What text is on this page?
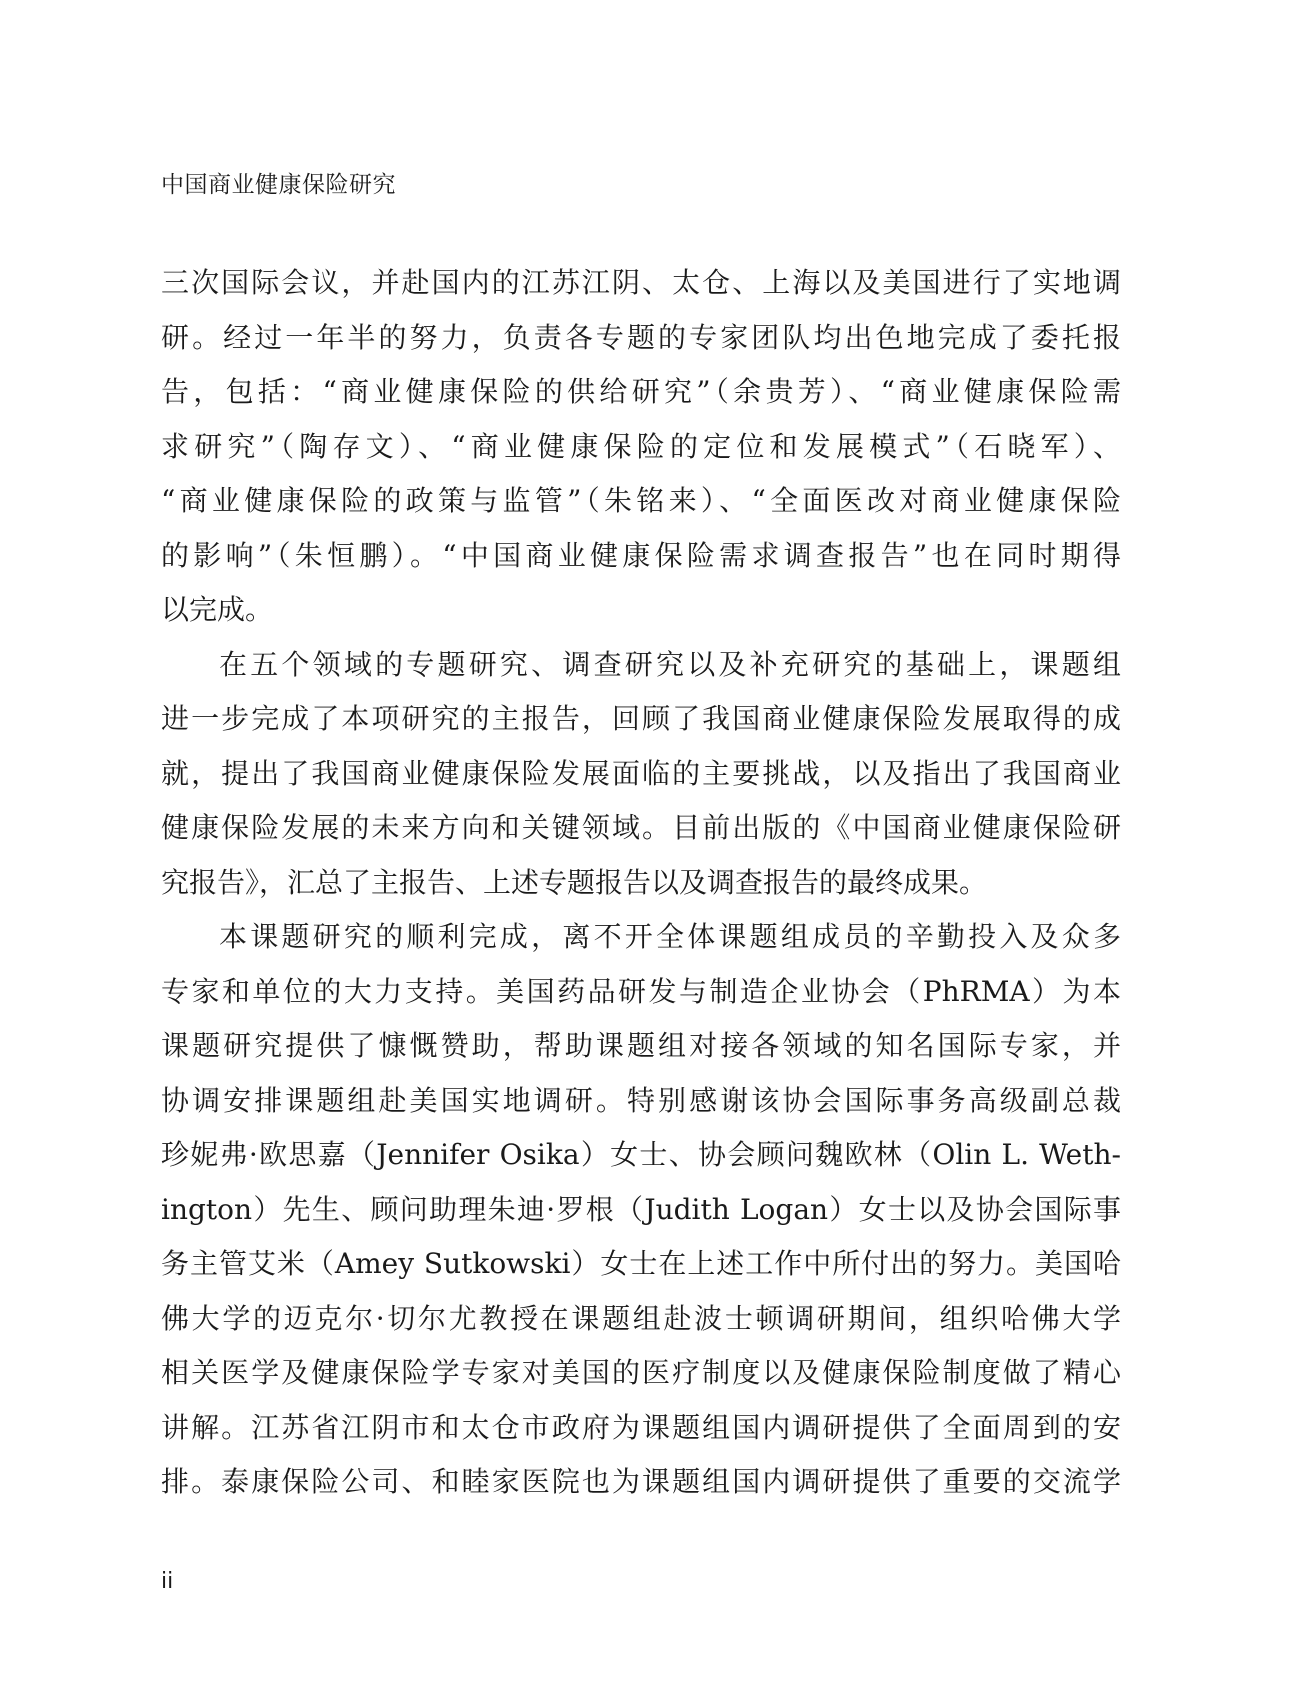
中国商业健康保险研究
三次国际会议，并赴国内的江苏江阴、太仓、上海以及美国进行了实地调
研。经过一年半的努力，负责各专题的专家团队均出色地完成了委托报
告，包括：“商业健康保险的供给研究”（余贵芳）、“商业健康保险需
求研究”（陶存文）、“商业健康保险的定位和发展模式”（石晓军）、
“商业健康保险的政策与监管”（朱铭来）、“全面医改对商业健康保险
的影响”（朱恒鹏）。“中国商业健康保险需求调查报告”也在同时期得
以完成。
在五个领域的专题研究、调查研究以及补充研究的基础上，课题组
进一步完成了本项研究的主报告，回顾了我国商业健康保险发展取得的成
就，提出了我国商业健康保险发展面临的主要挑战，以及指出了我国商业
健康保险发展的未来方向和关键领域。目前出版的《中国商业健康保险研
究报告》，汇总了主报告、上述专题报告以及调查报告的最终成果。
本课题研究的顺利完成，离不开全体课题组成员的辛勤投入及众多
专家和单位的大力支持。美国药品研发与制造企业协会（PhRMA）为本
课题研究提供了慷慨赞助，帮助课题组对接各领域的知名国际专家，并
协调安排课题组赴美国实地调研。特别感谢该协会国际事务高级副总裁
珍妮弗·欧思嘉（Jennifer Osika）女士、协会顾问魏欧林（Olin L. Weth-
ington）先生、顾问助理朱迪·罗根（Judith Logan）女士以及协会国际事
务主管艾米（Amey Sutkowski）女士在上述工作中所付出的努力。美国哈
佛大学的迈克尔·切尔尤教授在课题组赴波士顿调研期间，组织哈佛大学
相关医学及健康保险学专家对美国的医疗制度以及健康保险制度做了精心
讲解。江苏省江阴市和太仓市政府为课题组国内调研提供了全面周到的安
排。泰康保险公司、和睦家医院也为课题组国内调研提供了重要的交流学
ii
